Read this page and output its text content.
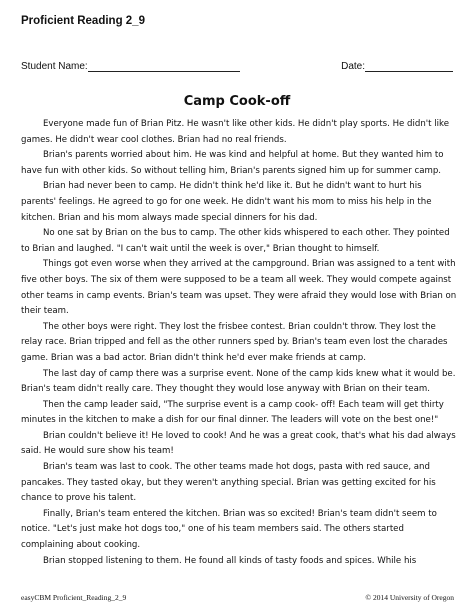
Proficient Reading 2_9
Student Name:	Date:
Camp Cook-off

Everyone made fun of Brian Pitz. He wasn't like other kids. He didn't play sports. He didn't like games. He didn't wear cool clothes. Brian had no real friends.

Brian's parents worried about him. He was kind and helpful at home. But they wanted him to have fun with other kids. So without telling him, Brian's parents signed him up for summer camp.

Brian had never been to camp. He didn't think he'd like it. But he didn't want to hurt his parents' feelings. He agreed to go for one week. He didn't want his mom to miss his help in the kitchen. Brian and his mom always made special dinners for his dad.

No one sat by Brian on the bus to camp. The other kids whispered to each other. They pointed to Brian and laughed. "I can't wait until the week is over," Brian thought to himself.

Things got even worse when they arrived at the campground. Brian was assigned to a tent with five other boys. The six of them were supposed to be a team all week. They would compete against other teams in camp events. Brian's team was upset. They were afraid they would lose with Brian on their team.

The other boys were right. They lost the frisbee contest. Brian couldn't throw. They lost the relay race. Brian tripped and fell as the other runners sped by. Brian's team even lost the charades game. Brian was a bad actor. Brian didn't think he'd ever make friends at camp.

The last day of camp there was a surprise event. None of the camp kids knew what it would be. Brian's team didn't really care. They thought they would lose anyway with Brian on their team.

Then the camp leader said, "The surprise event is a camp cook- off! Each team will get thirty minutes in the kitchen to make a dish for our final dinner. The leaders will vote on the best one!"

Brian couldn't believe it! He loved to cook! And he was a great cook, that's what his dad always said. He would sure show his team!

Brian's team was last to cook. The other teams made hot dogs, pasta with red sauce, and pancakes. They tasted okay, but they weren't anything special. Brian was getting excited for his chance to prove his talent.

Finally, Brian's team entered the kitchen. Brian was so excited! Brian's team didn't seem to notice. "Let's just make hot dogs too," one of his team members said. The others started complaining about cooking.

Brian stopped listening to them. He found all kinds of tasty foods and spices. While his

easyCBM Proficient_Reading_2_9	© 2014 University of Oregon
